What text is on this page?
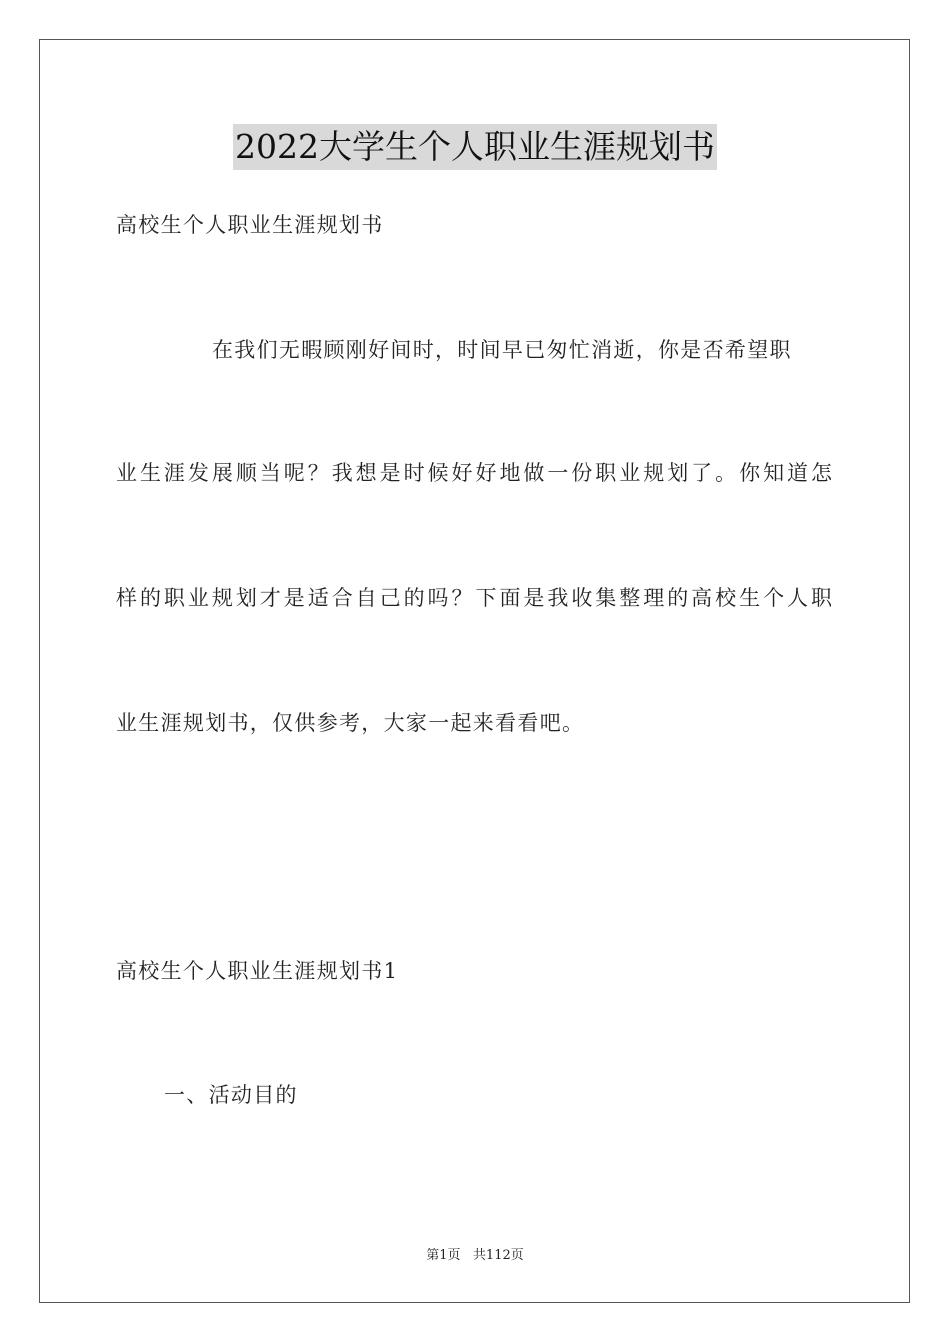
2022大学生个人职业生涯规划书
高校生个人职业生涯规划书
在我们无暇顾刚好间时，时间早已匆忙消逝，你是否希望职
业生涯发展顺当呢？我想是时候好好地做一份职业规划了。你知道怎
样的职业规划才是适合自己的吗？下面是我收集整理的高校生个人职
业生涯规划书，仅供参考，大家一起来看看吧。
高校生个人职业生涯规划书1
一、活动目的
第1页 共112页
